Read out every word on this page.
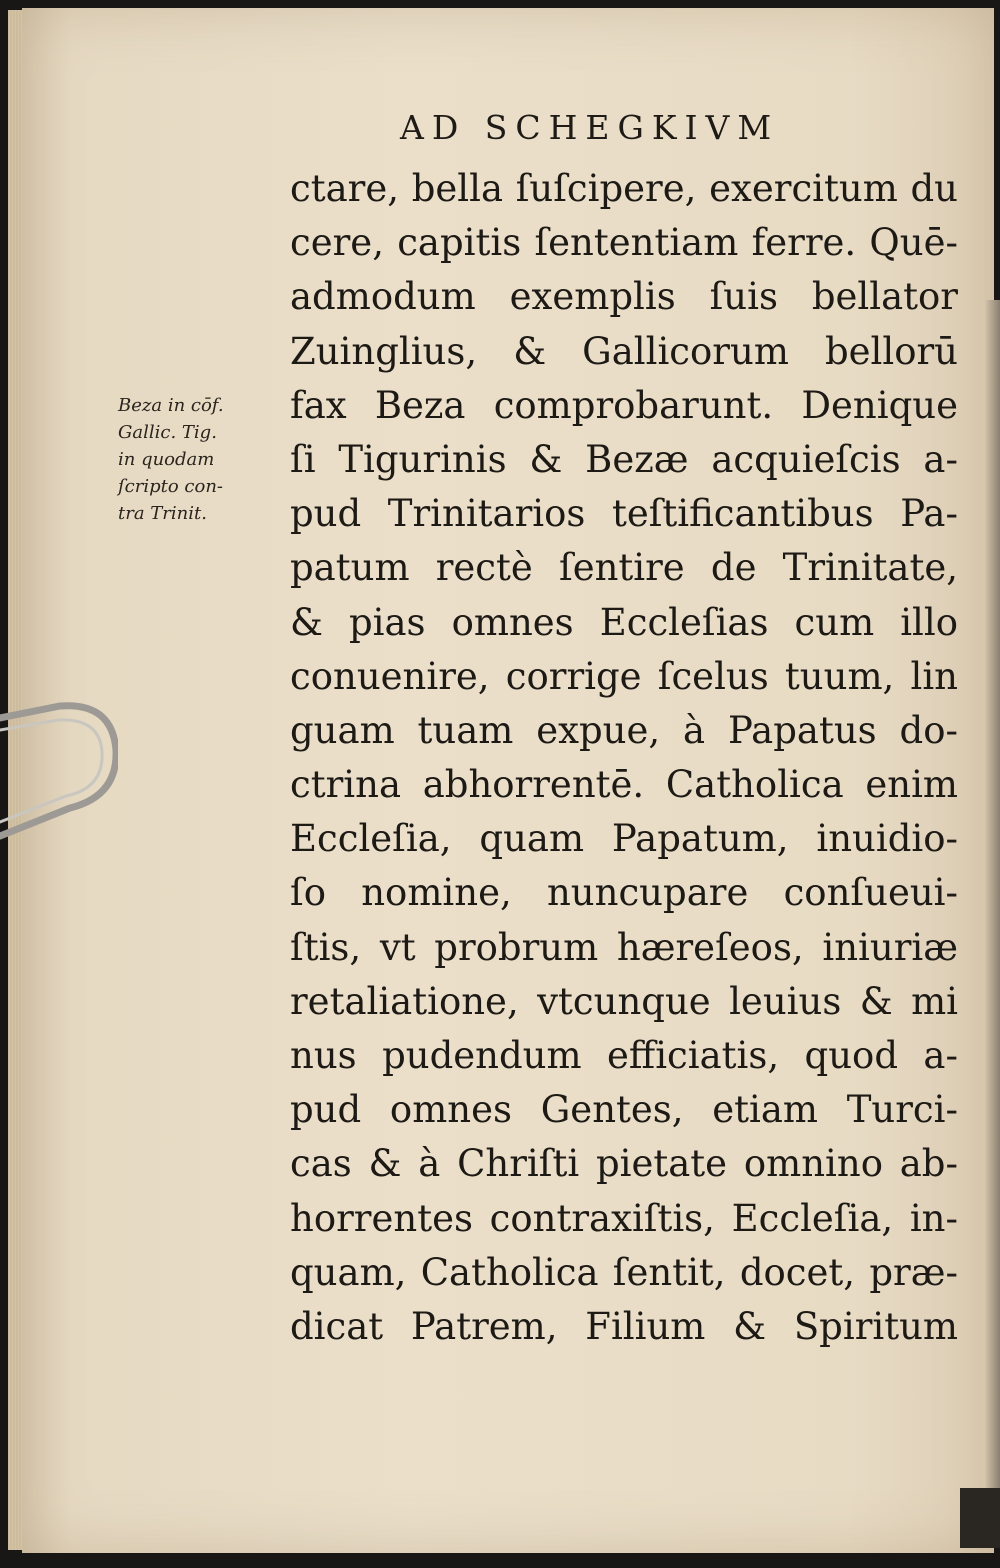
AD SCHEGKIVM
Beza in cōf.
Gallic. Tig.
in quodam
ſcripto con-
tra Trinit.
ctare, bella ſuſcipere, exercitum du
cere, capitis ſententiam ferre. Quē-
admodum exemplis ſuis bellator
Zuinglius, & Gallicorum bellorū
fax Beza comprobarunt. Denique
ſi Tigurinis & Bezæ acquieſcis a-
pud Trinitarios teſtificantibus Pa-
patum rectè ſentire de Trinitate,
& pias omnes Eccleſias cum illo
conuenire, corrige ſcelus tuum, lin
guam tuam expue, à Papatus do-
ctrina abhorrentē. Catholica enim
Eccleſia, quam Papatum, inuidio-
ſo nomine, nuncupare conſueui-
ſtis, vt probrum hæreſeos, iniuriæ
retaliatione, vtcunque leuius & mi
nus pudendum efficiatis, quod a-
pud omnes Gentes, etiam Turci-
cas & à Chriſti pietate omnino ab-
horrentes contraxiſtis, Eccleſia, in-
quam, Catholica ſentit, docet, præ-
dicat Patrem, Filium & Spiritum
